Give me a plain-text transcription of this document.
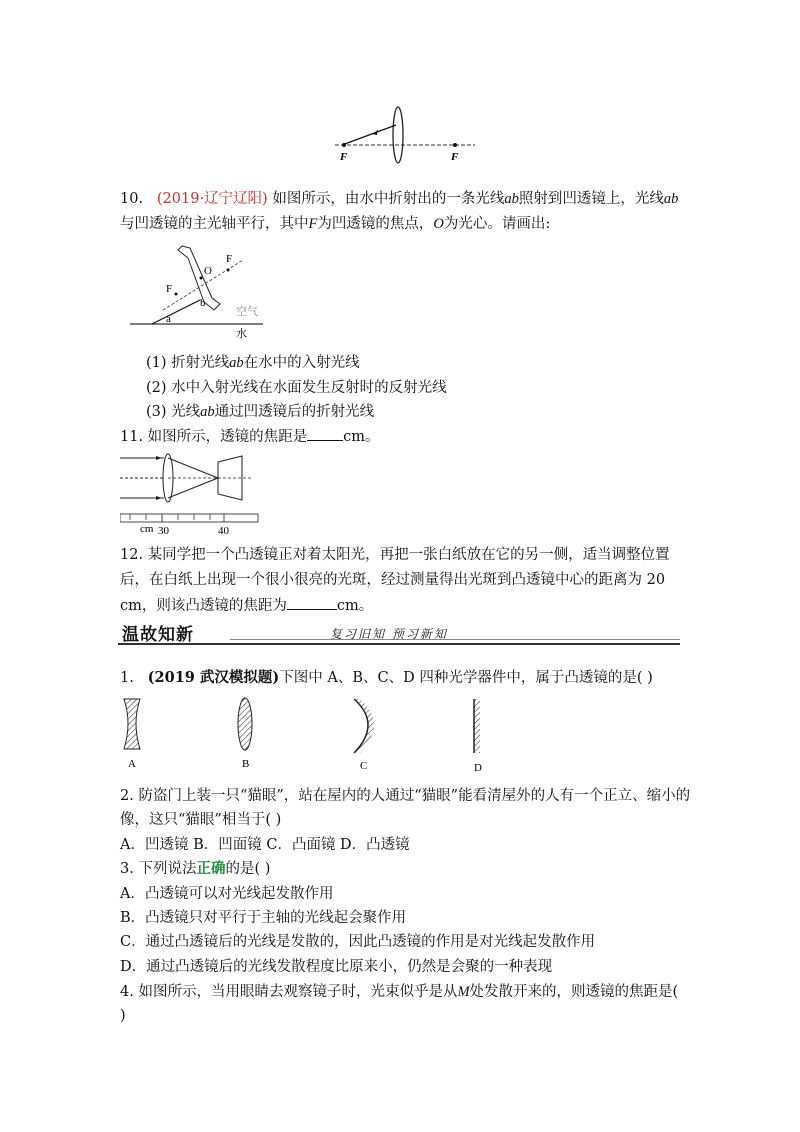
F	F
10. (2019·辽宁辽阳) 如图所示，由水中折射出的一条光线ab照射到凹透镜上，光线ab
与凹透镜的主光轴平行，其中F为凹透镜的焦点，O为光心。请画出:
F
F
O
a
b
空气
水
(1) 折射光线ab在水中的入射光线
(2) 水中入射光线在水面发生反射时的反射光线
(3) 光线ab通过凹透镜后的折射光线
11. 如图所示，透镜的焦距是 cm。
cm 30	40
12. 某同学把一个凸透镜正对着太阳光，再把一张白纸放在它的另一侧，适当调整位置
后，在白纸上出现一个很小很亮的光斑，经过测量得出光斑到凸透镜中心的距离为 20
cm，则该凸透镜的焦距为	cm。
温故知新	复习旧知 预习新知
1. (2019 武汉模拟题)下图中 A、B、C、D 四种光学器件中，属于凸透镜的是( )
A	B	C	D
2. 防盗门上装一只“猫眼”，站在屋内的人通过“猫眼”能看清屋外的人有一个正立、缩小的
像，这只“猫眼”相当于( )
A．凹透镜 B．凹面镜 C．凸面镜 D．凸透镜
3. 下列说法正确的是( )
A．凸透镜可以对光线起发散作用
B．凸透镜只对平行于主轴的光线起会聚作用
C．通过凸透镜后的光线是发散的，因此凸透镜的作用是对光线起发散作用
D．通过凸透镜后的光线发散程度比原来小，仍然是会聚的一种表现
4. 如图所示，当用眼睛去观察镜子时，光束似乎是从M处发散开来的，则透镜的焦距是(
)
